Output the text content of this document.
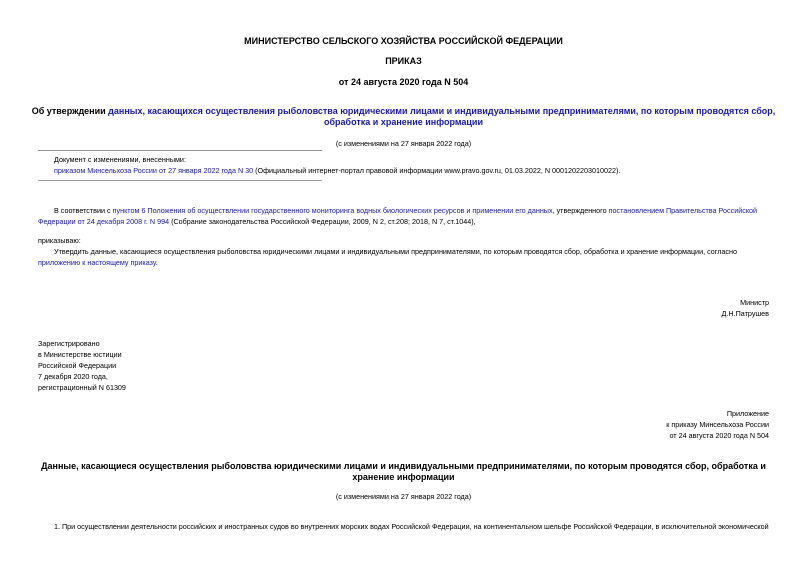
МИНИСТЕРСТВО СЕЛЬСКОГО ХОЗЯЙСТВА РОССИЙСКОЙ ФЕДЕРАЦИИ
ПРИКАЗ
от 24 августа 2020 года N 504
Об утверждении данных, касающихся осуществления рыболовства юридическими лицами и индивидуальными предпринимателями, по которым проводятся сбор,
обработка и хранение информации
(с изменениями на 27 января 2022 года)
Документ с изменениями, внесенными:
приказом Минсельхоза России от 27 января 2022 года N 30 (Официальный интернет-портал правовой информации www.pravo.gov.ru, 01.03.2022, N 0001202203010022).
В соответствии с пунктом 6 Положения об осуществлении государственного мониторинга водных биологических ресурсов и применении его данных, утвержденного постановлением Правительства Российской
Федерации от 24 декабря 2008 г. N 994 (Собрание законодательства Российской Федерации, 2009, N 2, ст.208; 2018, N 7, ст.1044),
приказываю:
Утвердить данные, касающиеся осуществления рыболовства юридическими лицами и индивидуальными предпринимателями, по которым проводятся сбор, обработка и хранение информации, согласно
приложению к настоящему приказу.
Министр
Д.Н.Патрушев
Зарегистрировано
в Министерстве юстиции
Российской Федерации
7 декабря 2020 года,
регистрационный N 61309
Приложение
к приказу Минсельхоза России
от 24 августа 2020 года N 504
Данные, касающиеся осуществления рыболовства юридическими лицами и индивидуальными предпринимателями, по которым проводятся сбор, обработка и
хранение информации
(с изменениями на 27 января 2022 года)
1. При осуществлении деятельности российских и иностранных судов во внутренних морских водах Российской Федерации, на континентальном шельфе Российской Федерации, в исключительной экономической
